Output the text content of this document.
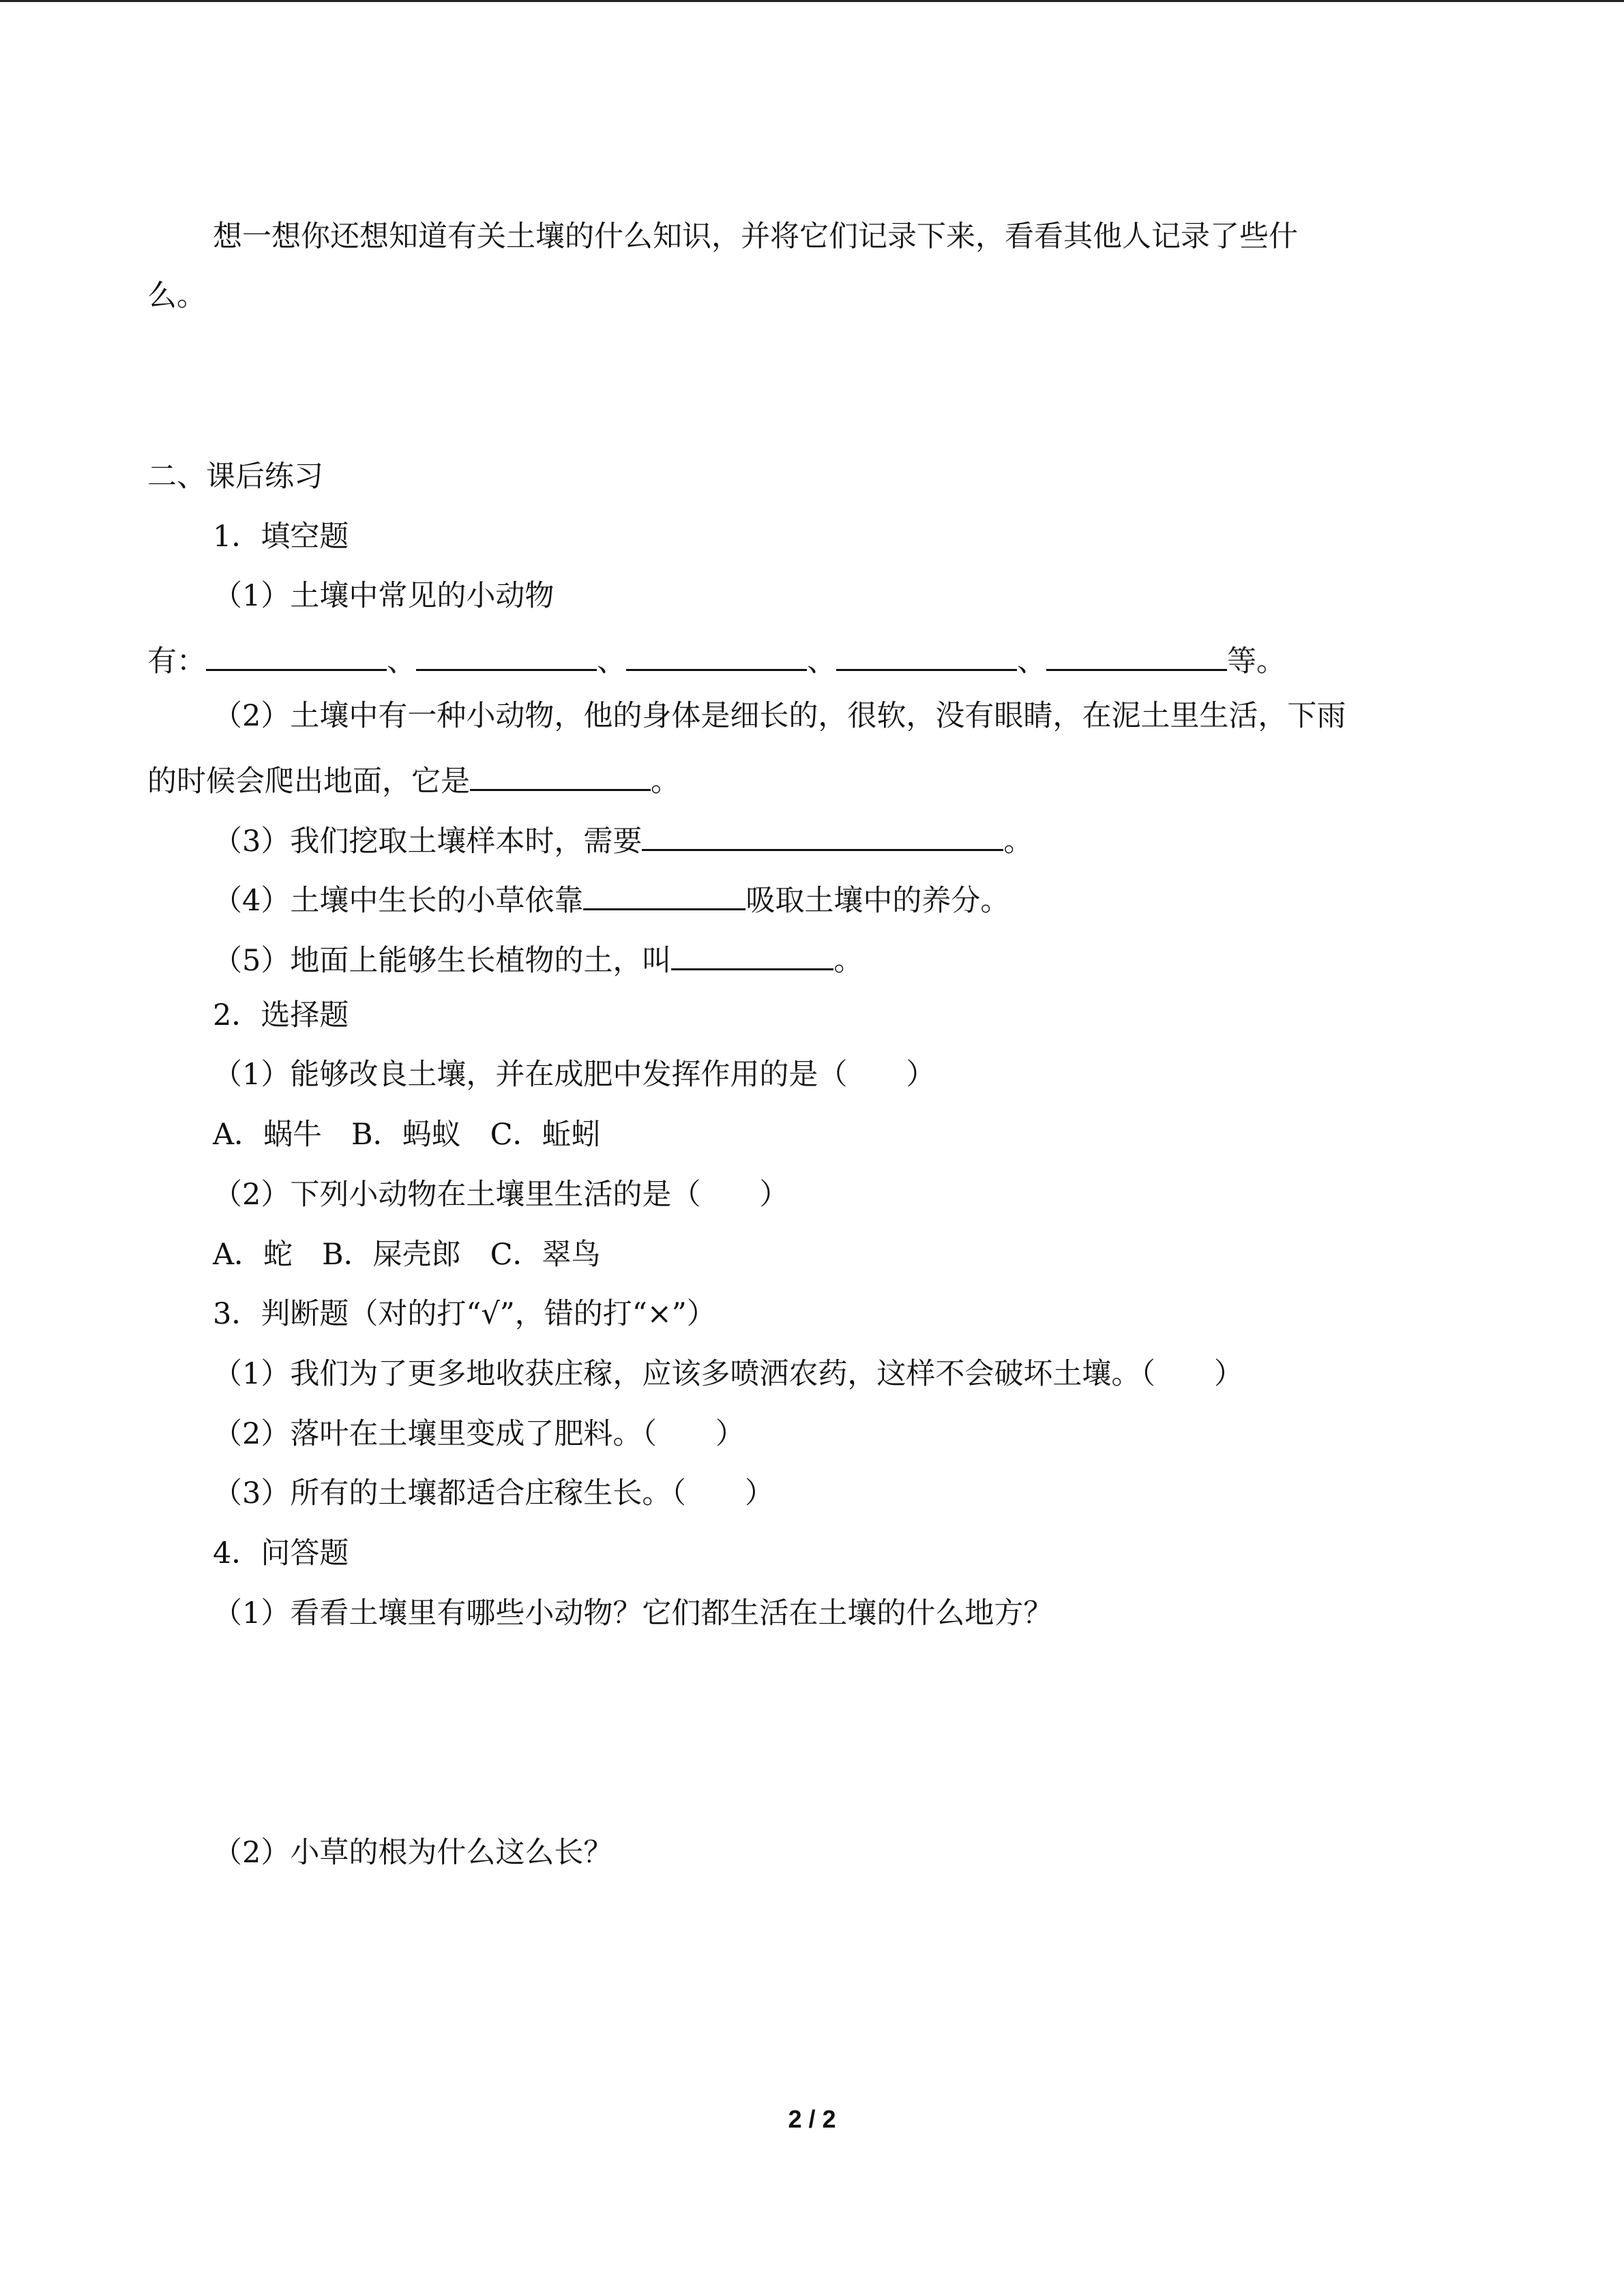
想一想你还想知道有关土壤的什么知识，并将它们记录下来，看看其他人记录了些什
么。
二、课后练习
1．填空题
（1）土壤中常见的小动物
有：	、	、	、	、	等。
（2）土壤中有一种小动物，他的身体是细长的，很软，没有眼睛，在泥土里生活，下雨
的时候会爬出地面，它是	。
（3）我们挖取土壤样本时，需要	。
（4）土壤中生长的小草依靠	吸取土壤中的养分。
（5）地面上能够生长植物的土，叫	。
2．选择题
（1）能够改良土壤，并在成肥中发挥作用的是（　　）
A．蜗牛　B．蚂蚁　C．蚯蚓
（2）下列小动物在土壤里生活的是（　　）
A．蛇　B．屎壳郎　C．翠鸟
3．判断题（对的打“√”，错的打“×”）
（1）我们为了更多地收获庄稼，应该多喷洒农药，这样不会破坏土壤。（　　）
（2）落叶在土壤里变成了肥料。（　　）
（3）所有的土壤都适合庄稼生长。（　　）
4．问答题
（1）看看土壤里有哪些小动物？它们都生活在土壤的什么地方？
（2）小草的根为什么这么长？
2 / 2
